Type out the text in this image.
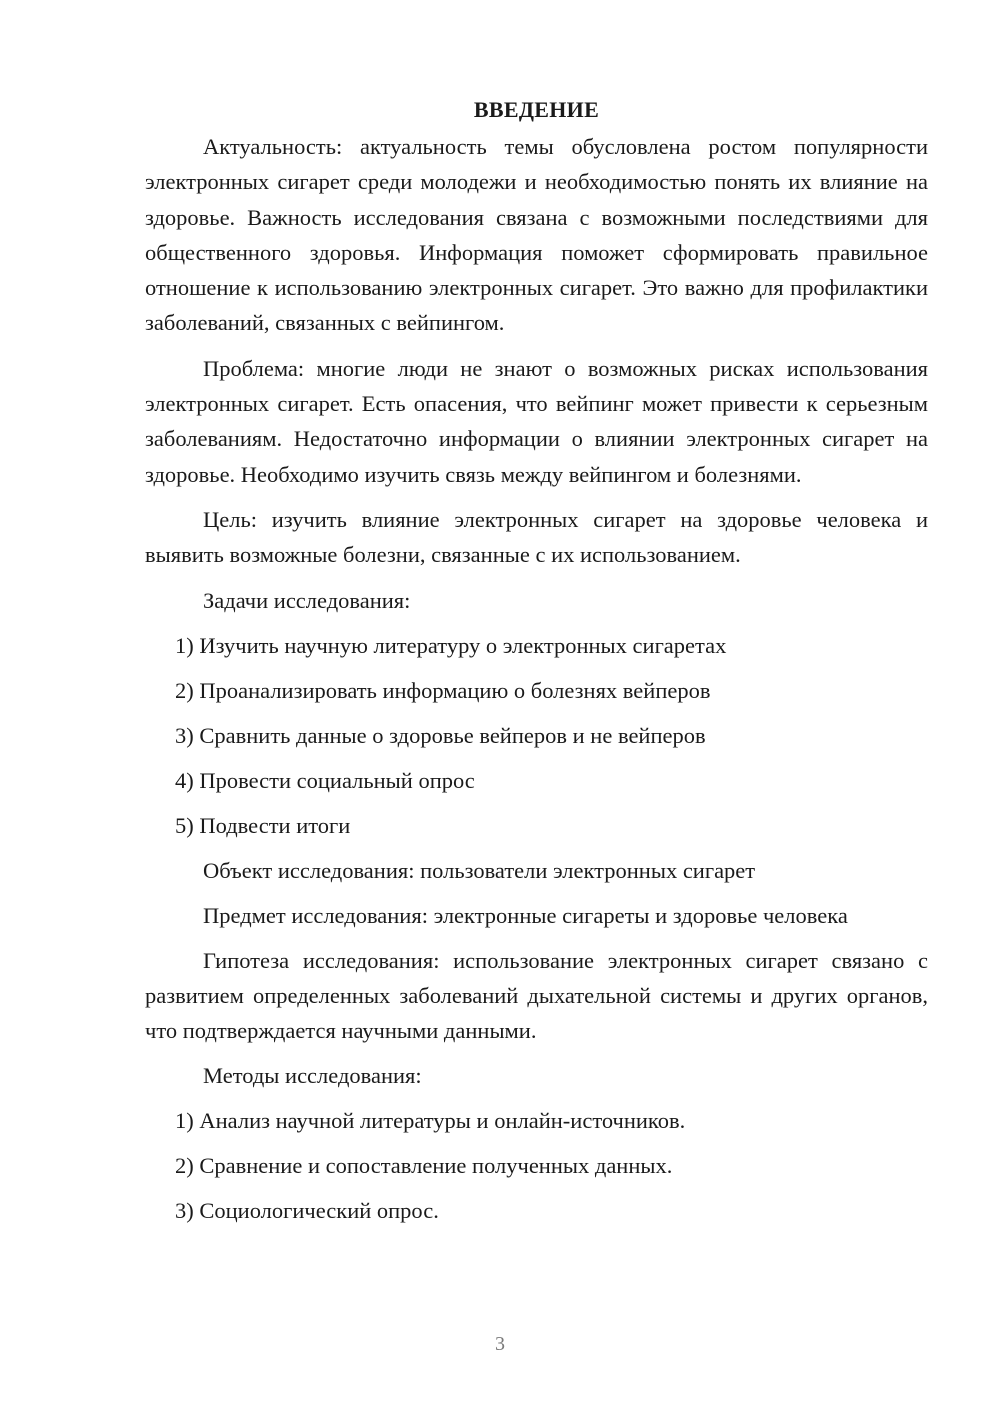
ВВЕДЕНИЕ

Актуальность: актуальность темы обусловлена ростом популярности электронных сигарет среди молодежи и необходимостью понять их влияние на здоровье. Важность исследования связана с возможными последствиями для общественного здоровья. Информация поможет сформировать правильное отношение к использованию электронных сигарет. Это важно для профилактики заболеваний, связанных с вейпингом.

Проблема: многие люди не знают о возможных рисках использования электронных сигарет. Есть опасения, что вейпинг может привести к серьезным заболеваниям. Недостаточно информации о влиянии электронных сигарет на здоровье. Необходимо изучить связь между вейпингом и болезнями.

Цель: изучить влияние электронных сигарет на здоровье человека и выявить возможные болезни, связанные с их использованием.

Задачи исследования:
1) Изучить научную литературу о электронных сигаретах
2) Проанализировать информацию о болезнях вейперов
3) Сравнить данные о здоровье вейперов и не вейперов
4) Провести социальный опрос
5) Подвести итоги
Объект исследования: пользователи электронных сигарет
Предмет исследования: электронные сигареты и здоровье человека

Гипотеза исследования: использование электронных сигарет связано с развитием определенных заболеваний дыхательной системы и других органов, что подтверждается научными данными.

Методы исследования:
1) Анализ научной литературы и онлайн-источников.
2) Сравнение и сопоставление полученных данных.
3) Социологический опрос.
3
